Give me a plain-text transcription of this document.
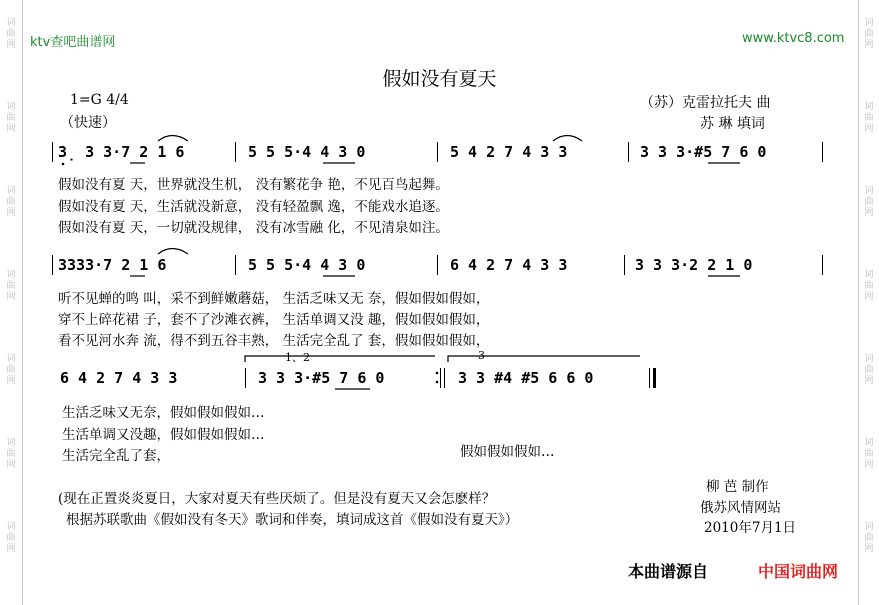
词
曲
网
词
曲
网
词
曲
网
词
曲
网
词
曲
网
词
曲
网
词
曲
网
词
曲
网
词
曲
网
词
曲
网
词
曲
网
词
曲
网
词
曲
网
词
曲
网
ktv查吧曲谱网	www.ktvc8.com
假如没有夏天
1=G 4/4
（快速）
（苏）克雷拉托夫 曲
苏 琳 填词
3̣ 3 3·7 2 1 6	5 5 5·4 4 3 0	5 4 2 7 4 3 3	3 3 3·#5 7 6 0
假如没有夏 天，世界就没生机， 没有繁花争 艳，不见百鸟起舞。
假如没有夏 天，生活就没新意， 没有轻盈飘 逸，不能戏水追逐。
假如没有夏 天，一切就没规律， 没有冰雪融 化，不见清泉如注。
3333·7 2 1 6	5 5 5·4 4 3 0	6 4 2 7 4 3 3	3 3 3·2 2 1 0
听不见蝉的鸣 叫，采不到鲜嫩蘑菇， 生活乏味又无 奈，假如假如假如，
穿不上碎花裙 子，套不了沙滩衣裤， 生活单调又没 趣，假如假如假如，
看不见河水奔 流，得不到五谷丰熟， 生活完全乱了 套，假如假如假如，
1、2	3
6 4 2 7 4 3 3	3 3 3·#5 7 6 0	3 3 #4 #5 6 6 0
生活乏味又无奈，假如假如假如…
生活单调又没趣，假如假如假如…
生活完全乱了套，	假如假如假如…
柳 芭 制作
俄苏风情网站
2010年7月1日
(现在正置炎炎夏日，大家对夏天有些厌烦了。但是没有夏天又会怎麽样？
根据苏联歌曲《假如没有冬天》歌词和伴奏，填词成这首《假如没有夏天》）
本曲谱源自	中国词曲网
